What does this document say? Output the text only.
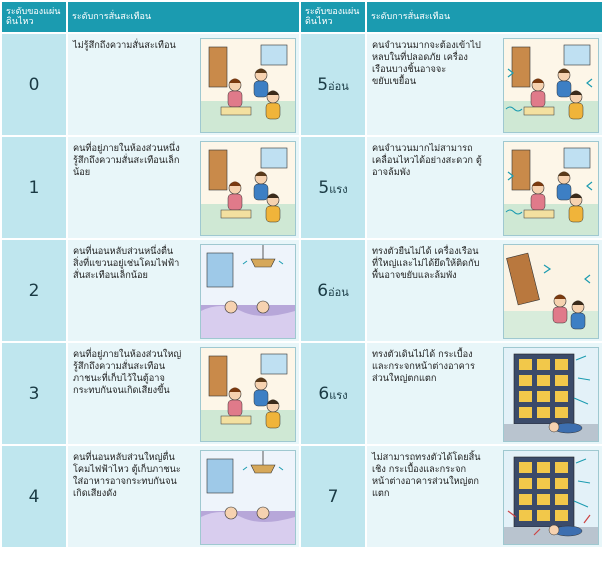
ระดับของแผ่นดินไหว	ระดับการสั่นสะเทือน	ระดับของแผ่นดินไหว	ระดับการสั่นสะเทือน
0	ไม่รู้สึกถึงความสั่นสะเทือน	5อ่อน	คนจำนวนมากจะต้องเข้าไปหลบในที่ปลอดภัย เครื่องเรือนบางชิ้นอาจจะขยับเขยื้อน

1	คนที่อยู่ภายในห้องส่วนหนึ่งรู้สึกถึงความสั่นสะเทือนเล็กน้อย	5แรง	คนจำนวนมากไม่สามารถเคลื่อนไหวได้อย่างสะดวก ตู้อาจล้มพัง

2	คนที่นอนหลับส่วนหนึ่งตื่น สิ่งที่แขวนอยู่เช่นโคมไฟฟ้าสั่นสะเทือนเล็กน้อย	6อ่อน	ทรงตัวยืนไม่ได้ เครื่องเรือนที่ใหญ่และไม่ได้ยึดให้ติดกับพื้นอาจขยับและล้มพัง

3	คนที่อยู่ภายในห้องส่วนใหญ่รู้สึกถึงความสั่นสะเทือน ภาชนะที่เก็บไว้ในตู้อาจกระทบกันจนเกิดเสียงขึ้น	6แรง	ทรงตัวเดินไม่ได้ กระเบื้องและกระจกหน้าต่างอาคารส่วนใหญ่ตกแตก

4	คนที่นอนหลับส่วนใหญ่ตื่น โคมไฟฟ้าไหว ตู้เก็บภาชนะใส่อาหารอาจกระทบกันจนเกิดเสียงดัง	7	ไม่สามารถทรงตัวได้โดยสิ้นเชิง กระเบื้องและกระจกหน้าต่างอาคารส่วนใหญ่ตกแตก
